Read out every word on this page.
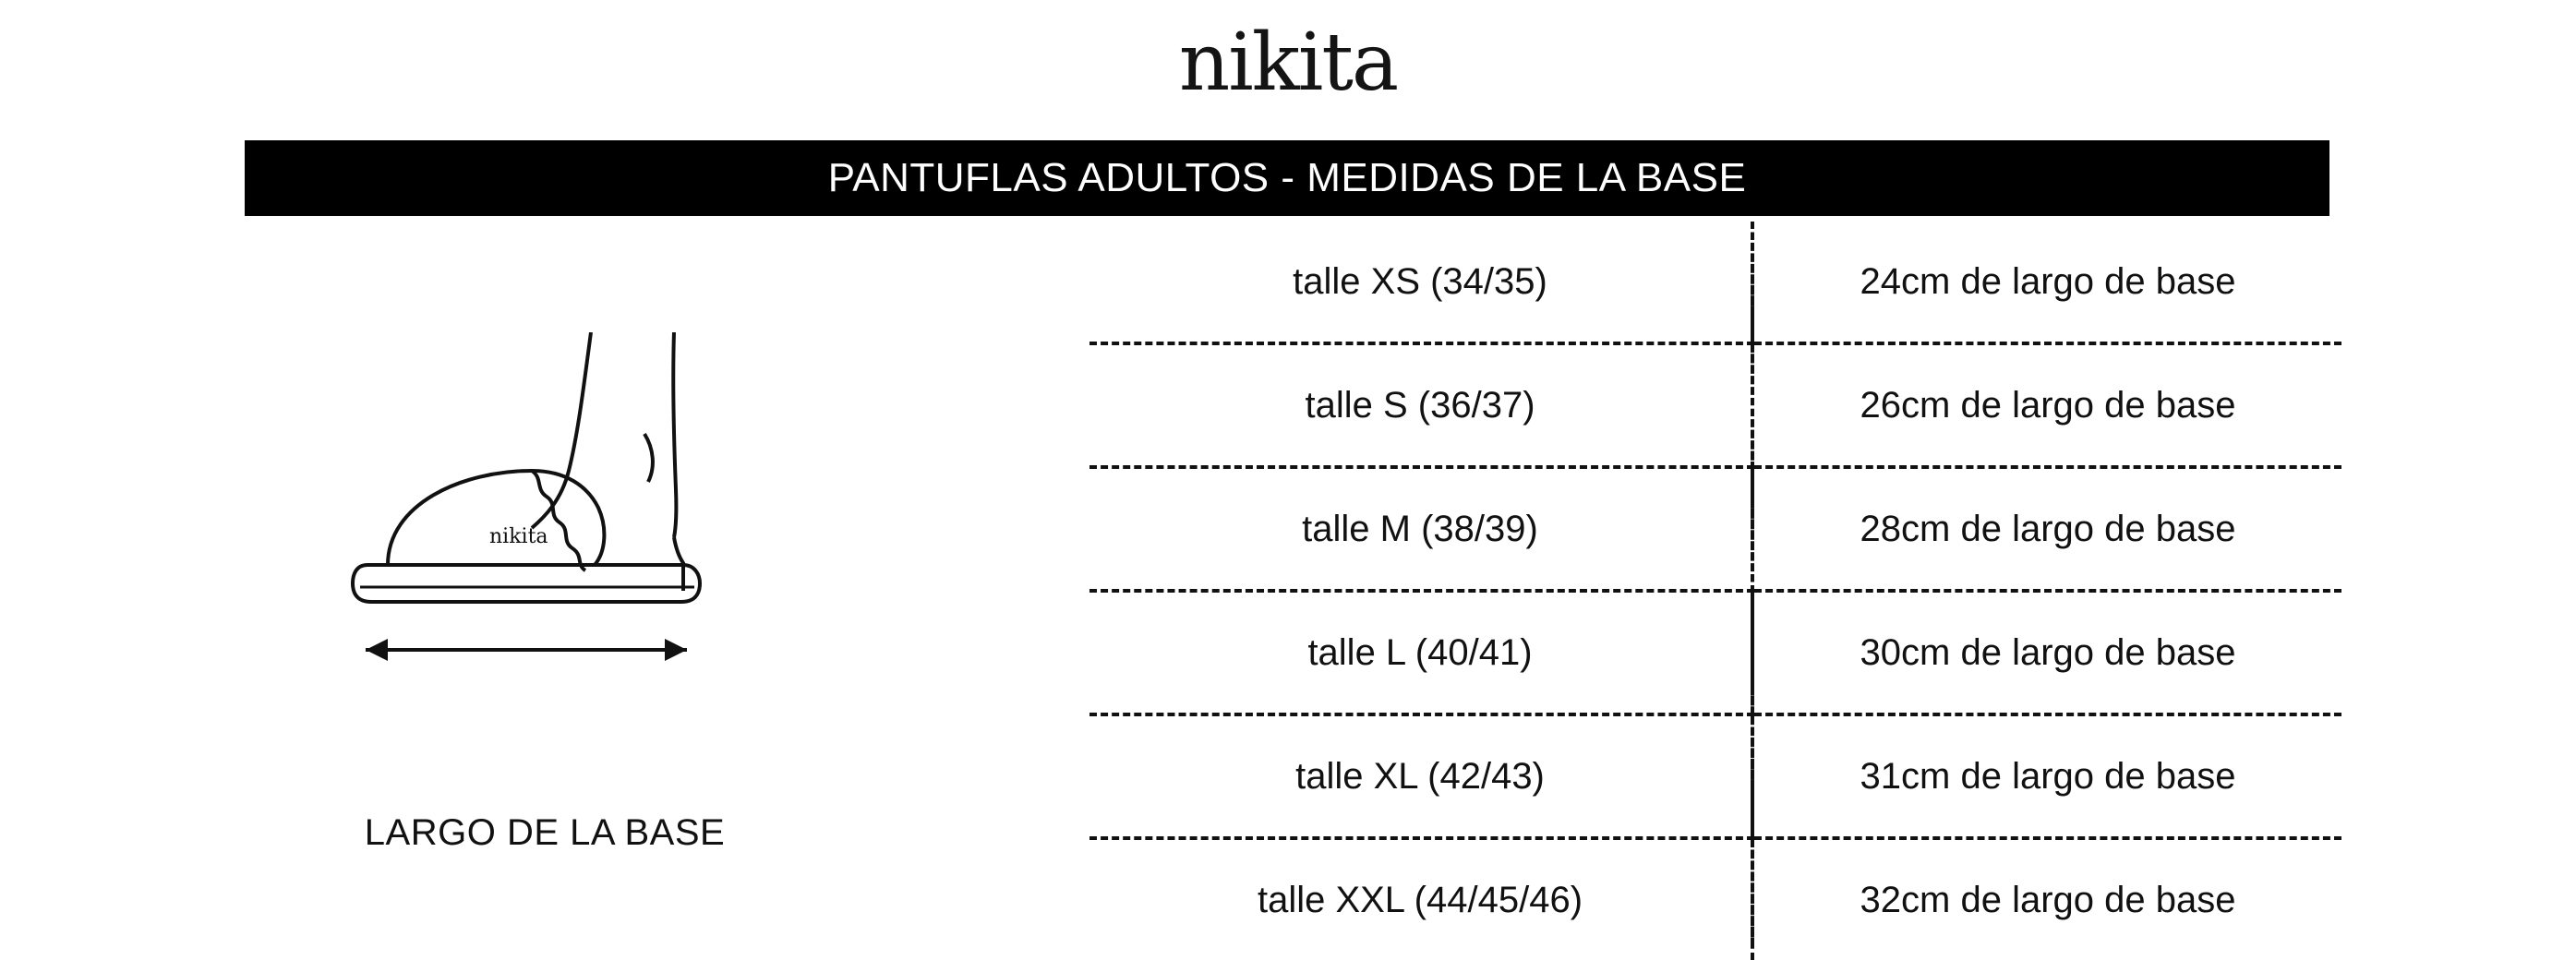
nikita
PANTUFLAS ADULTOS - MEDIDAS DE LA BASE
nikita
LARGO DE LA BASE
talle XS (34/35)	24cm de largo de base
talle S (36/37)	26cm de largo de base
talle M (38/39)	28cm de largo de base
talle L (40/41)	30cm de largo de base
talle XL (42/43)	31cm de largo de base
talle XXL (44/45/46)	32cm de largo de base
